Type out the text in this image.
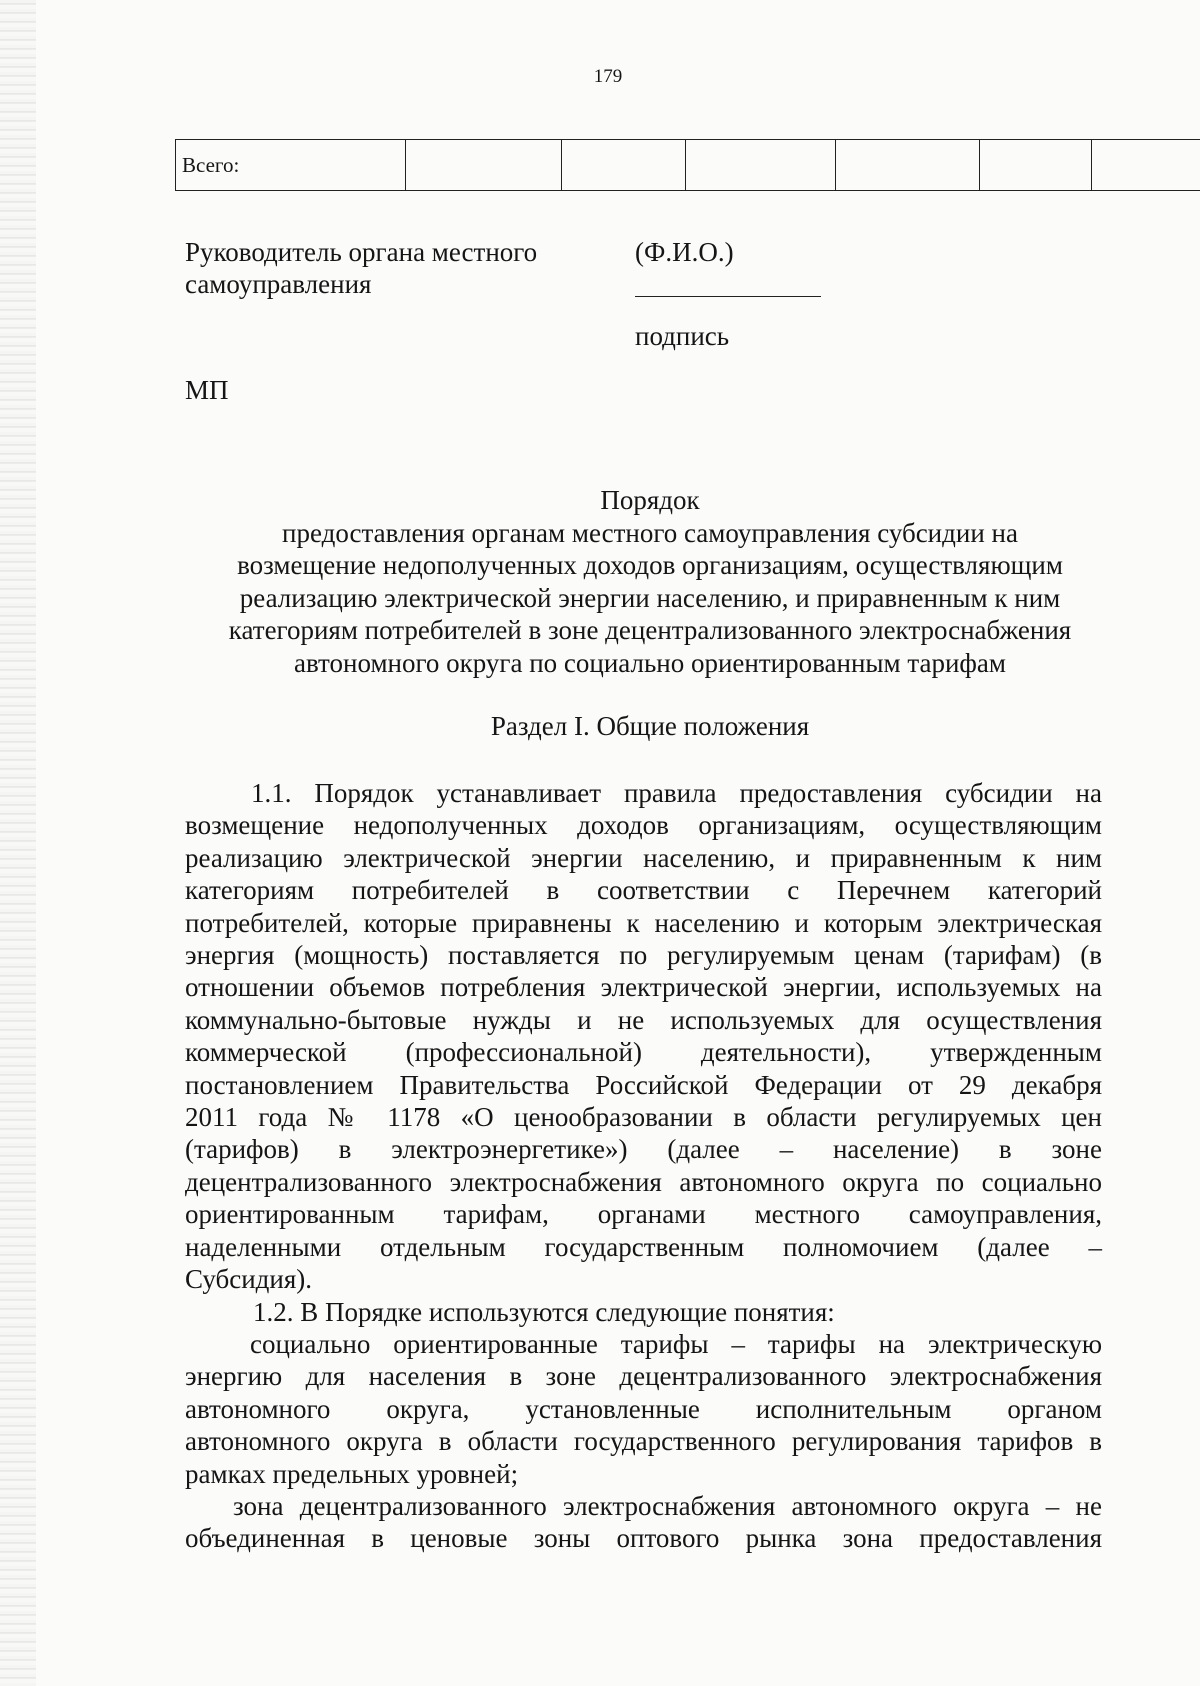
179
Всего:						
Руководитель органа местного
самоуправления
(Ф.И.О.)
подпись
МП
Порядок
предоставления органам местного самоуправления субсидии на
возмещение недополученных доходов организациям, осуществляющим
реализацию электрической энергии населению, и приравненным к ним
категориям потребителей в зоне децентрализованного электроснабжения
автономного округа по социально ориентированным тарифам
Раздел I. Общие положения

1.1. Порядок устанавливает правила предоставления субсидии на
возмещение недополученных доходов организациям, осуществляющим
реализацию электрической энергии населению, и приравненным к ним
категориям потребителей в соответствии с Перечнем категорий
потребителей, которые приравнены к населению и которым электрическая
энергия (мощность) поставляется по регулируемым ценам (тарифам) (в
отношении объемов потребления электрической энергии, используемых на
коммунально-бытовые нужды и не используемых для осуществления
коммерческой (профессиональной) деятельности), утвержденным
постановлением Правительства Российской Федерации от 29 декабря
2011 года № 1178 «О ценообразовании в области регулируемых цен
(тарифов) в электроэнергетике») (далее – население) в зоне
децентрализованного электроснабжения автономного округа по социально
ориентированным тарифам, органами местного самоуправления,
наделенными отдельным государственным полномочием (далее –
Субсидия).

1.2. В Порядке используются следующие понятия:

социально ориентированные тарифы – тарифы на электрическую
энергию для населения в зоне децентрализованного электроснабжения
автономного округа, установленные исполнительным органом
автономного округа в области государственного регулирования тарифов в
рамках предельных уровней;

зона децентрализованного электроснабжения автономного округа – не
объединенная в ценовые зоны оптового рынка зона предоставления
